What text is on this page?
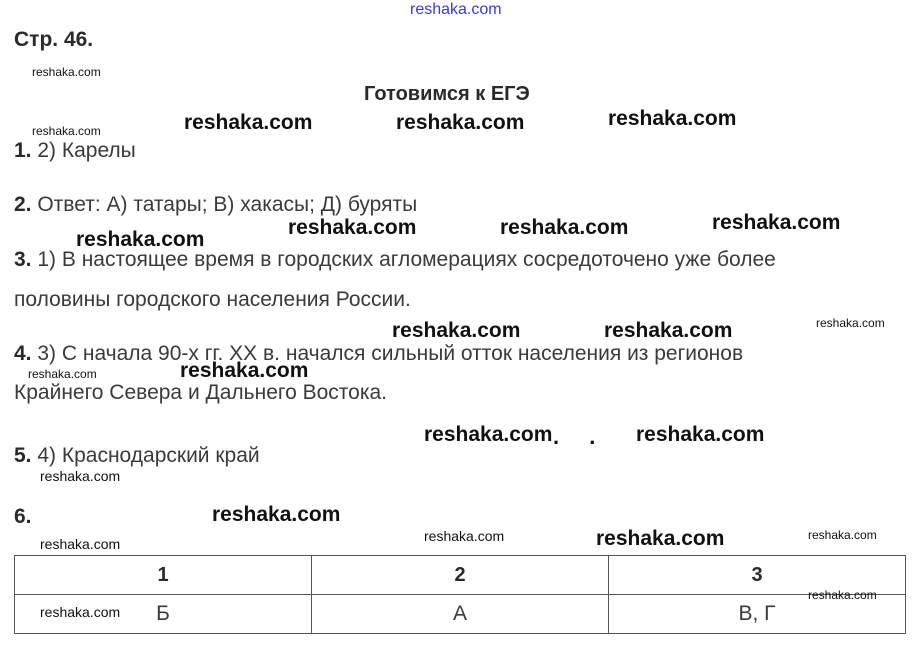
reshaka.com
Стр. 46.
Готовимся к ЕГЭ
1. 2) Карелы
2. Ответ: А) татары; В) хакасы; Д) буряты
3. 1) В настоящее время в городских агломерациях сосредоточено уже более
половины городского населения России.
4. 3) С начала 90-х гг. XX в. начался сильный отток населения из регионов
Крайнего Севера и Дальнего Востока.
5. 4) Краснодарский край
6.
1	2	3
Б	А	В, Г
reshaka.com	reshaka.com	reshaka.com
reshaka.com	reshaka.com	reshaka.com
reshaka.com
reshaka.com	reshaka.com
reshaka.com
reshaka.com	reshaka.com
reshaka.com
reshaka.com
reshaka.com
reshaka.com
reshaka.com
reshaka.com
reshaka.com
reshaka.com	reshaka.com
reshaka.com
reshaka.com
reshaka.com
. .
